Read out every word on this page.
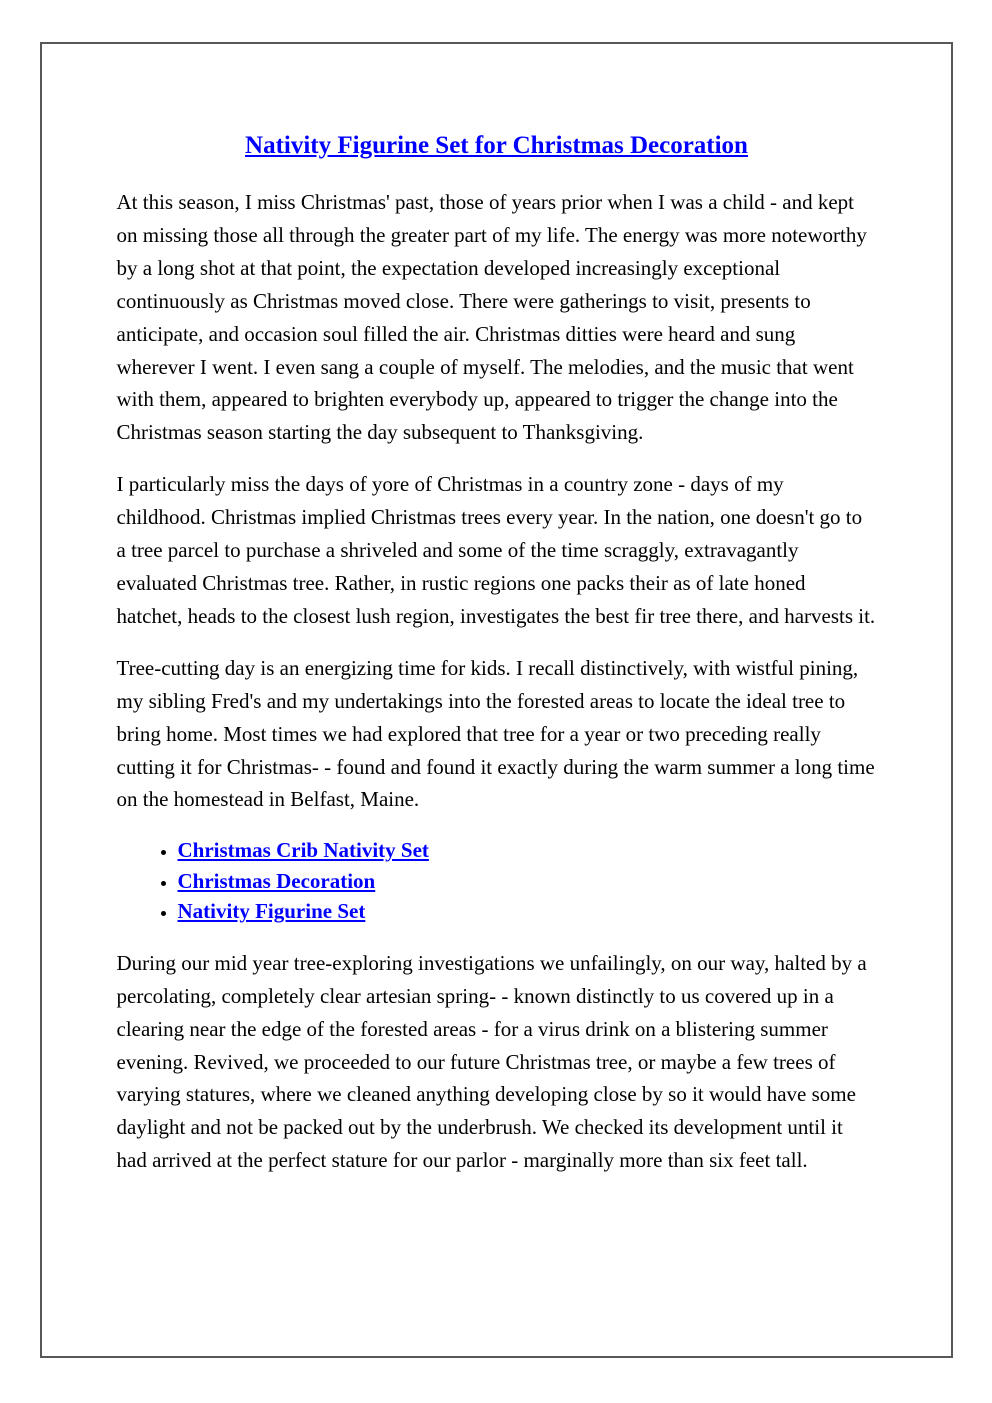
Nativity Figurine Set for Christmas Decoration

At this season, I miss Christmas' past, those of years prior when I was a child - and kept on missing those all through the greater part of my life. The energy was more noteworthy by a long shot at that point, the expectation developed increasingly exceptional continuously as Christmas moved close. There were gatherings to visit, presents to anticipate, and occasion soul filled the air. Christmas ditties were heard and sung wherever I went. I even sang a couple of myself. The melodies, and the music that went with them, appeared to brighten everybody up, appeared to trigger the change into the Christmas season starting the day subsequent to Thanksgiving.

I particularly miss the days of yore of Christmas in a country zone - days of my childhood. Christmas implied Christmas trees every year. In the nation, one doesn't go to a tree parcel to purchase a shriveled and some of the time scraggly, extravagantly evaluated Christmas tree. Rather, in rustic regions one packs their as of late honed hatchet, heads to the closest lush region, investigates the best fir tree there, and harvests it.

Tree-cutting day is an energizing time for kids. I recall distinctively, with wistful pining, my sibling Fred's and my undertakings into the forested areas to locate the ideal tree to bring home. Most times we had explored that tree for a year or two preceding really cutting it for Christmas- - found and found it exactly during the warm summer a long time on the homestead in Belfast, Maine.

• Christmas Crib Nativity Set
• Christmas Decoration
• Nativity Figurine Set

During our mid year tree-exploring investigations we unfailingly, on our way, halted by a percolating, completely clear artesian spring- - known distinctly to us covered up in a clearing near the edge of the forested areas - for a virus drink on a blistering summer evening. Revived, we proceeded to our future Christmas tree, or maybe a few trees of varying statures, where we cleaned anything developing close by so it would have some daylight and not be packed out by the underbrush. We checked its development until it had arrived at the perfect stature for our parlor - marginally more than six feet tall.
